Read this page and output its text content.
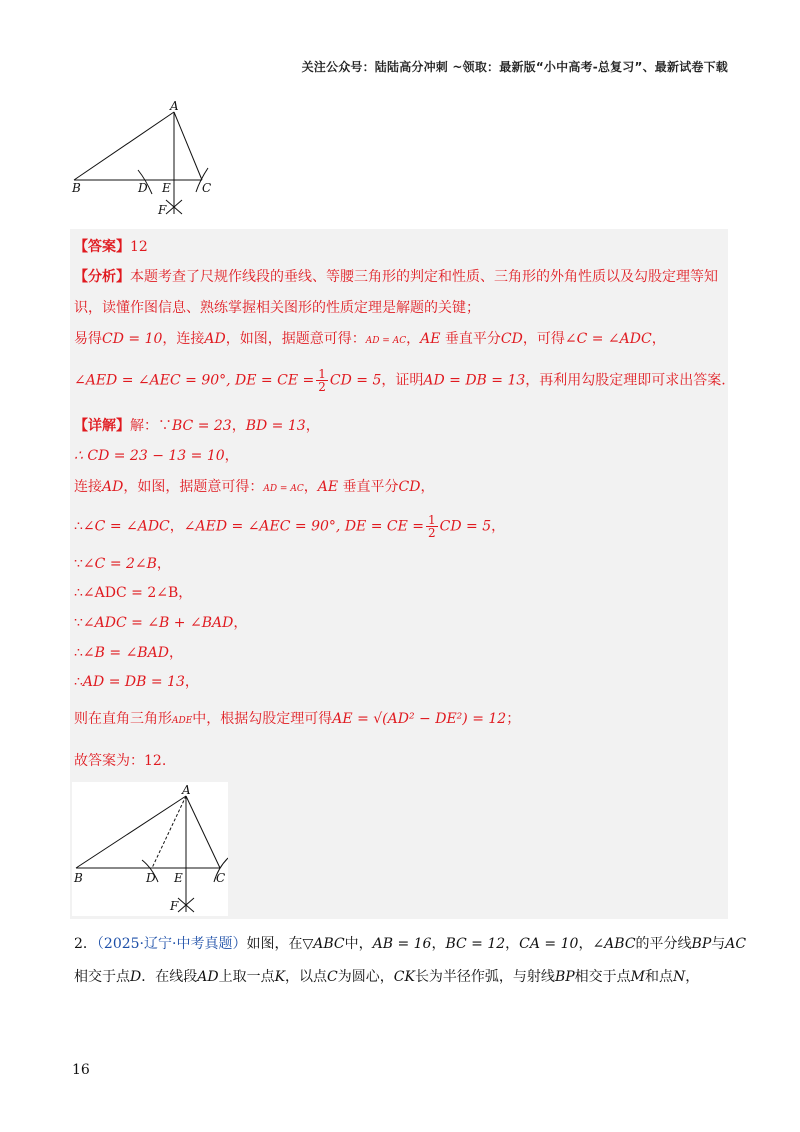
关注公众号：陆陆高分冲刺 ~领取：最新版“小中高考-总复习”、最新试卷下载
A
B	D E	C
F
【答案】12
【分析】本题考查了尺规作线段的垂线、等腰三角形的判定和性质、三角形的外角性质以及勾股定理等知
识，读懂作图信息、熟练掌握相关图形的性质定理是解题的关键；
易得CD = 10，连接AD，如图，据题意可得：AD = AC，AE 垂直平分CD，可得∠C = ∠ADC，
∠AED = ∠AEC = 90°, DE = CE = $\frac{1}{2}$ CD = 5，证明AD = DB = 13，再利用勾股定理即可求出答案.
【详解】解：∵BC = 23，BD = 13，
∴ CD = 23 − 13 = 10，
连接AD，如图，据题意可得：AD = AC，AE 垂直平分CD，
∴∠C = ∠ADC，∠AED = ∠AEC = 90°, DE = CE = $\frac{1}{2}$ CD = 5，
∵∠C = 2∠B，
∴∠ADC = 2∠B，
∵∠ADC = ∠B + ∠BAD，
∴∠B = ∠BAD，
∴AD = DB = 13，
则在直角三角形ADE中，根据勾股定理可得AE = √(AD² − DE²) = 12；
故答案为：12.
A
B	D E	C
F
2．（2025·辽宁·中考真题）如图，在▽ABC中，AB = 16，BC = 12，CA = 10，∠ABC的平分线BP与AC
相交于点D．在线段AD上取一点K，以点C为圆心，CK长为半径作弧，与射线BP相交于点M和点N，
16
